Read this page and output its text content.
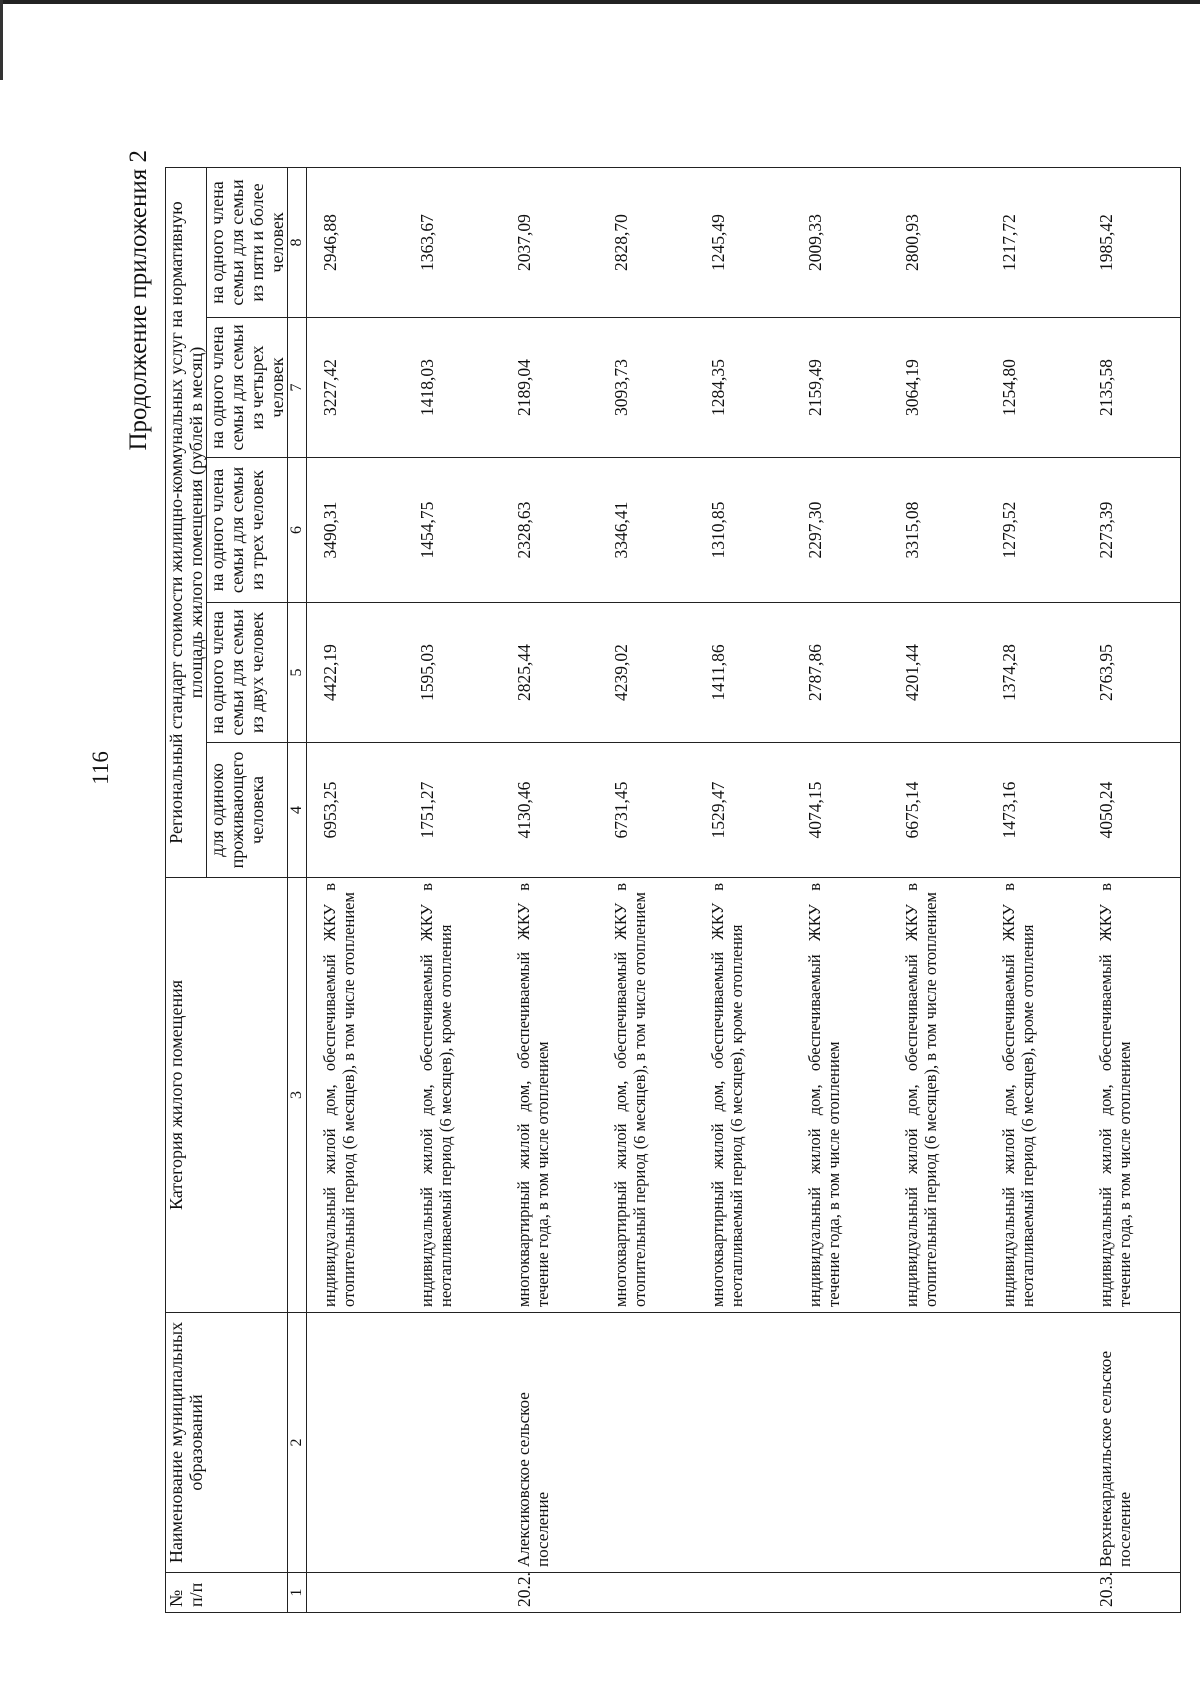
116
Продолжение приложения 2
№ п/п	Наименование муниципальных образований	Категория жилого помещения	Региональный стандарт стоимости жилищно-коммунальных услуг на нормативную площадь жилого помещения (рублей в месяц)				
			для одиноко проживающего человека	на одного члена семьи для семьи из двух человек	на одного члена семьи для семьи из трех человек	на одного члена семьи для семьи из четырех человек	на одного члена семьи для семьи из пяти и более человек
1	2	3	4	5	6	7	8
		индивидуальный жилой дом, обеспечиваемый ЖКУ в отопительный период (6 месяцев), в том числе отоплением	6953,25	4422,19	3490,31	3227,42	2946,88
		индивидуальный жилой дом, обеспечиваемый ЖКУ в неотапливаемый период (6 месяцев), кроме отопления	1751,27	1595,03	1454,75	1418,03	1363,67
20.2.	Алексиковское сельское поселение	многоквартирный жилой дом, обеспечиваемый ЖКУ в течение года, в том числе отоплением	4130,46	2825,44	2328,63	2189,04	2037,09
		многоквартирный жилой дом, обеспечиваемый ЖКУ в отопительный период (6 месяцев), в том числе отоплением	6731,45	4239,02	3346,41	3093,73	2828,70
		многоквартирный жилой дом, обеспечиваемый ЖКУ в неотапливаемый период (6 месяцев), кроме отопления	1529,47	1411,86	1310,85	1284,35	1245,49
		индивидуальный жилой дом, обеспечиваемый ЖКУ в течение года, в том числе отоплением	4074,15	2787,86	2297,30	2159,49	2009,33
		индивидуальный жилой дом, обеспечиваемый ЖКУ в отопительный период (6 месяцев), в том числе отоплением	6675,14	4201,44	3315,08	3064,19	2800,93
		индивидуальный жилой дом, обеспечиваемый ЖКУ в неотапливаемый период (6 месяцев), кроме отопления	1473,16	1374,28	1279,52	1254,80	1217,72
20.3.	Верхнекардаильское сельское поселение	индивидуальный жилой дом, обеспечиваемый ЖКУ в течение года, в том числе отоплением	4050,24	2763,95	2273,39	2135,58	1985,42
